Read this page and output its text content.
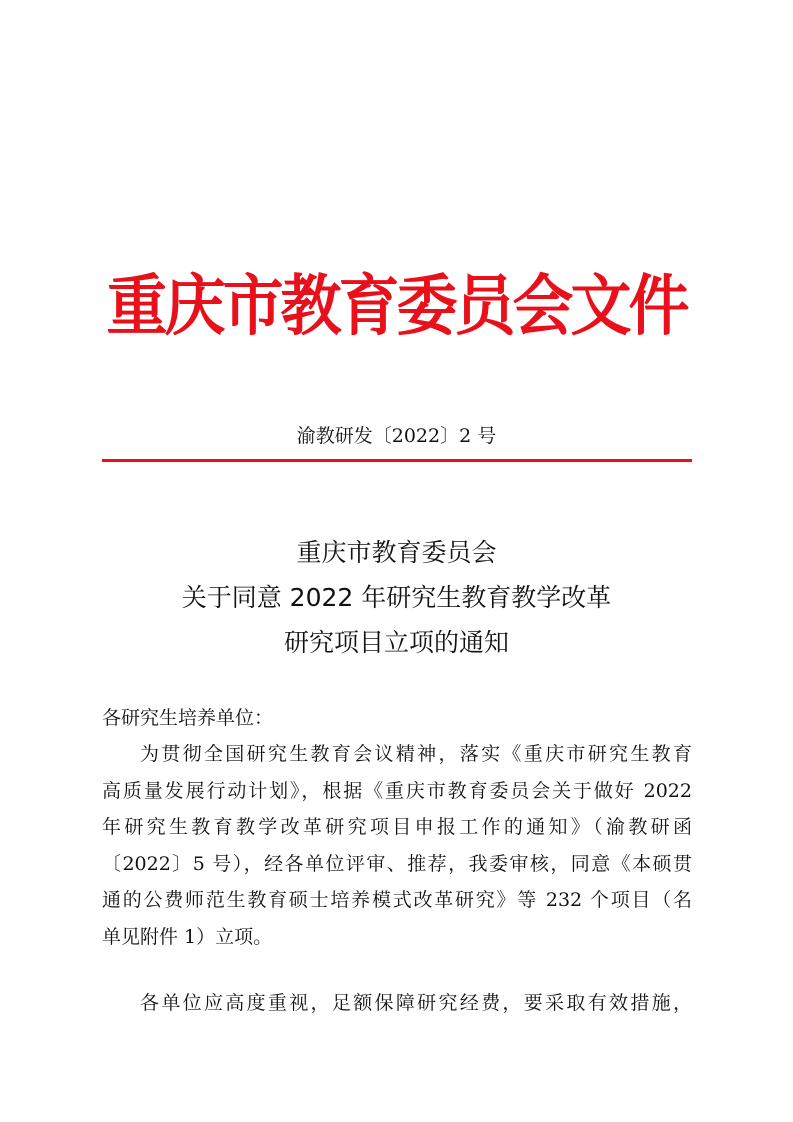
重庆市教育委员会文件
渝教研发〔2022〕2 号
重庆市教育委员会
关于同意 2022 年研究生教育教学改革
研究项目立项的通知
各研究生培养单位：
为贯彻全国研究生教育会议精神，落实《重庆市研究生教育
高质量发展行动计划》，根据《重庆市教育委员会关于做好 2022
年研究生教育教学改革研究项目申报工作的通知》（渝教研函
〔2022〕5 号），经各单位评审、推荐，我委审核，同意《本硕贯
通的公费师范生教育硕士培养模式改革研究》等 232 个项目（名
单见附件 1）立项。
各单位应高度重视，足额保障研究经费，要采取有效措施，
